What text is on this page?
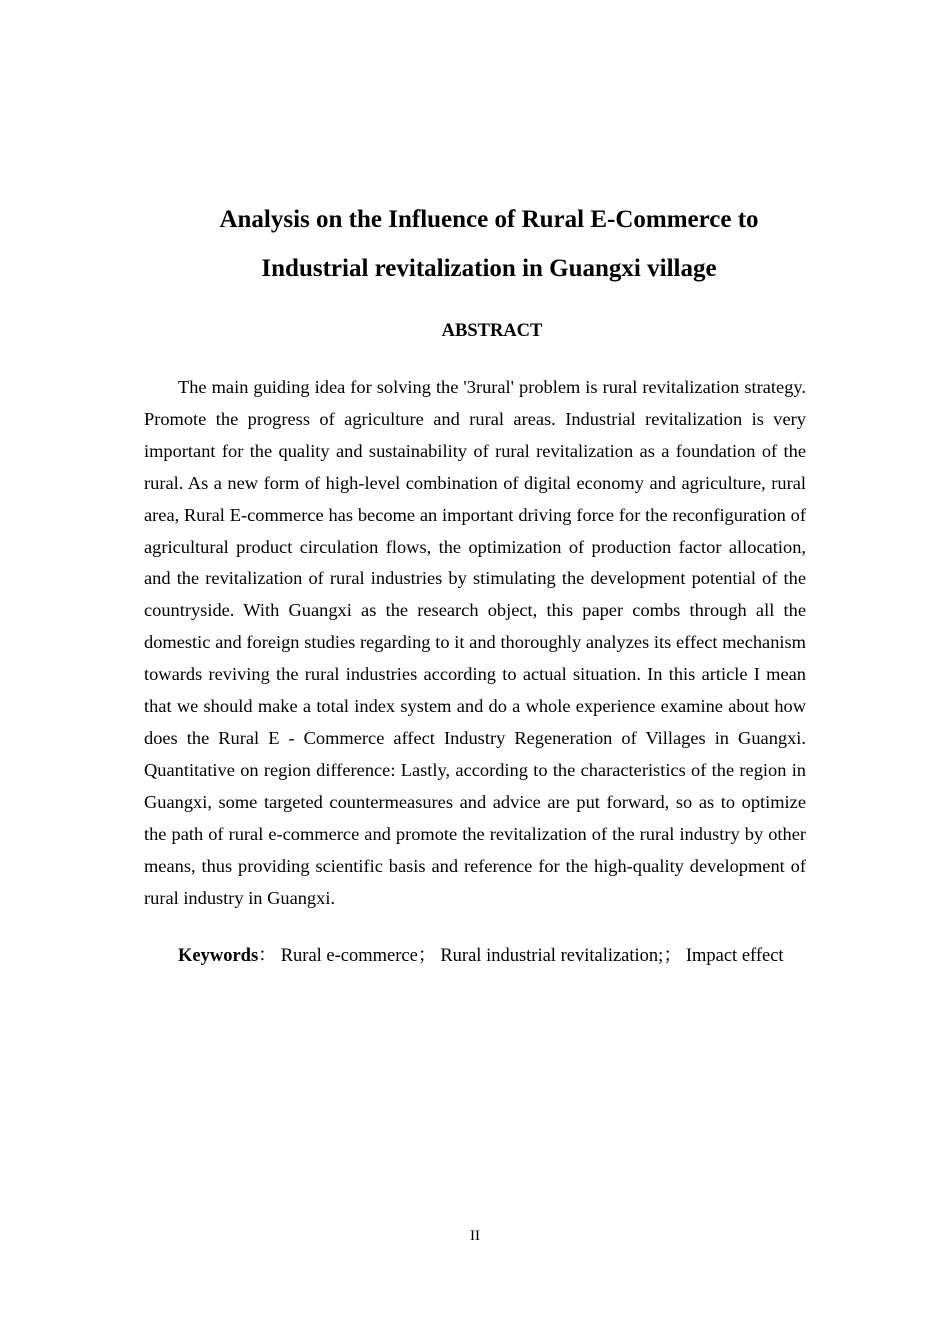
Analysis on the Influence of Rural E-Commerce to
Industrial revitalization in Guangxi village
ABSTRACT

The main guiding idea for solving the '3rural' problem is rural revitalization strategy. Promote the progress of agriculture and rural areas. Industrial revitalization is very important for the quality and sustainability of rural revitalization as a foundation of the rural. As a new form of high-level combination of digital economy and agriculture, rural area, Rural E-commerce has become an important driving force for the reconfiguration of agricultural product circulation flows, the optimization of production factor allocation, and the revitalization of rural industries by stimulating the development potential of the countryside. With Guangxi as the research object, this paper combs through all the domestic and foreign studies regarding to it and thoroughly analyzes its effect mechanism towards reviving the rural industries according to actual situation. In this article I mean that we should make a total index system and do a whole experience examine about how does the Rural E - Commerce affect Industry Regeneration of Villages in Guangxi. Quantitative on region difference: Lastly, according to the characteristics of the region in Guangxi, some targeted countermeasures and advice are put forward, so as to optimize the path of rural e-commerce and promote the revitalization of the rural industry by other means, thus providing scientific basis and reference for the high-quality development of rural industry in Guangxi.

Keywords： Rural e-commerce； Rural industrial revitalization;； Impact effect

II
